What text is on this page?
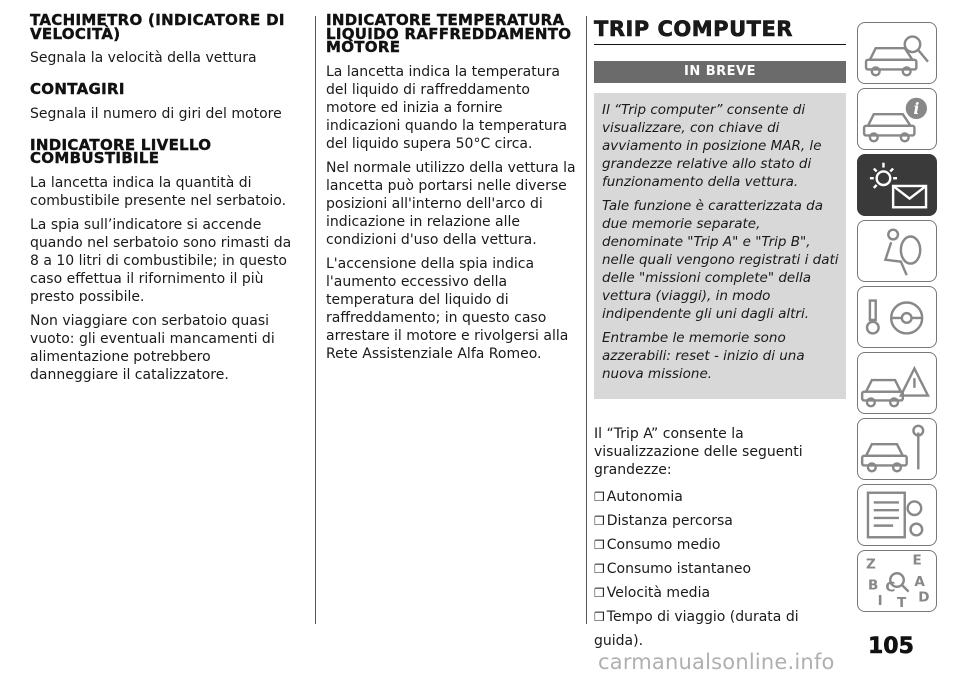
TACHIMETRO (INDICATORE DI VELOCITÀ)

Segnala la velocità della vettura

CONTAGIRI

Segnala il numero di giri del motore

INDICATORE LIVELLO COMBUSTIBILE

La lancetta indica la quantità di combustibile presente nel serbatoio.

La spia sull’indicatore si accende quando nel serbatoio sono rimasti da 8 a 10 litri di combustibile; in questo caso effettua il rifornimento il più presto possibile.

Non viaggiare con serbatoio quasi vuoto: gli eventuali mancamenti di alimentazione potrebbero danneggiare il catalizzatore.

INDICATORE TEMPERATURA LIQUIDO RAFFREDDAMENTO MOTORE

La lancetta indica la temperatura del liquido di raffreddamento motore ed inizia a fornire indicazioni quando la temperatura del liquido supera 50°C circa.

Nel normale utilizzo della vettura la lancetta può portarsi nelle diverse posizioni all'interno dell'arco di indicazione in relazione alle condizioni d'uso della vettura.

L'accensione della spia indica l'aumento eccessivo della temperatura del liquido di raffreddamento; in questo caso arrestare il motore e rivolgersi alla Rete Assistenziale Alfa Romeo.

TRIP COMPUTER
IN BREVE

Il “Trip computer” consente di visualizzare, con chiave di avviamento in posizione MAR, le grandezze relative allo stato di funzionamento della vettura.

Tale funzione è caratterizzata da due memorie separate, denominate "Trip A" e "Trip B", nelle quali vengono registrati i dati delle "missioni complete" della vettura (viaggi), in modo indipendente gli uni dagli altri.

Entrambe le memorie sono azzerabili: reset - inizio di una nuova missione.

Il “Trip A” consente la visualizzazione delle seguenti grandezze:

❒ Autonomia
❒ Distanza percorsa
❒ Consumo medio
❒ Consumo istantaneo
❒ Velocità media
❒ Tempo di viaggio (durata di guida).
i
Z	E
B	A
C
D
I T
105
carmanualsonline.info
